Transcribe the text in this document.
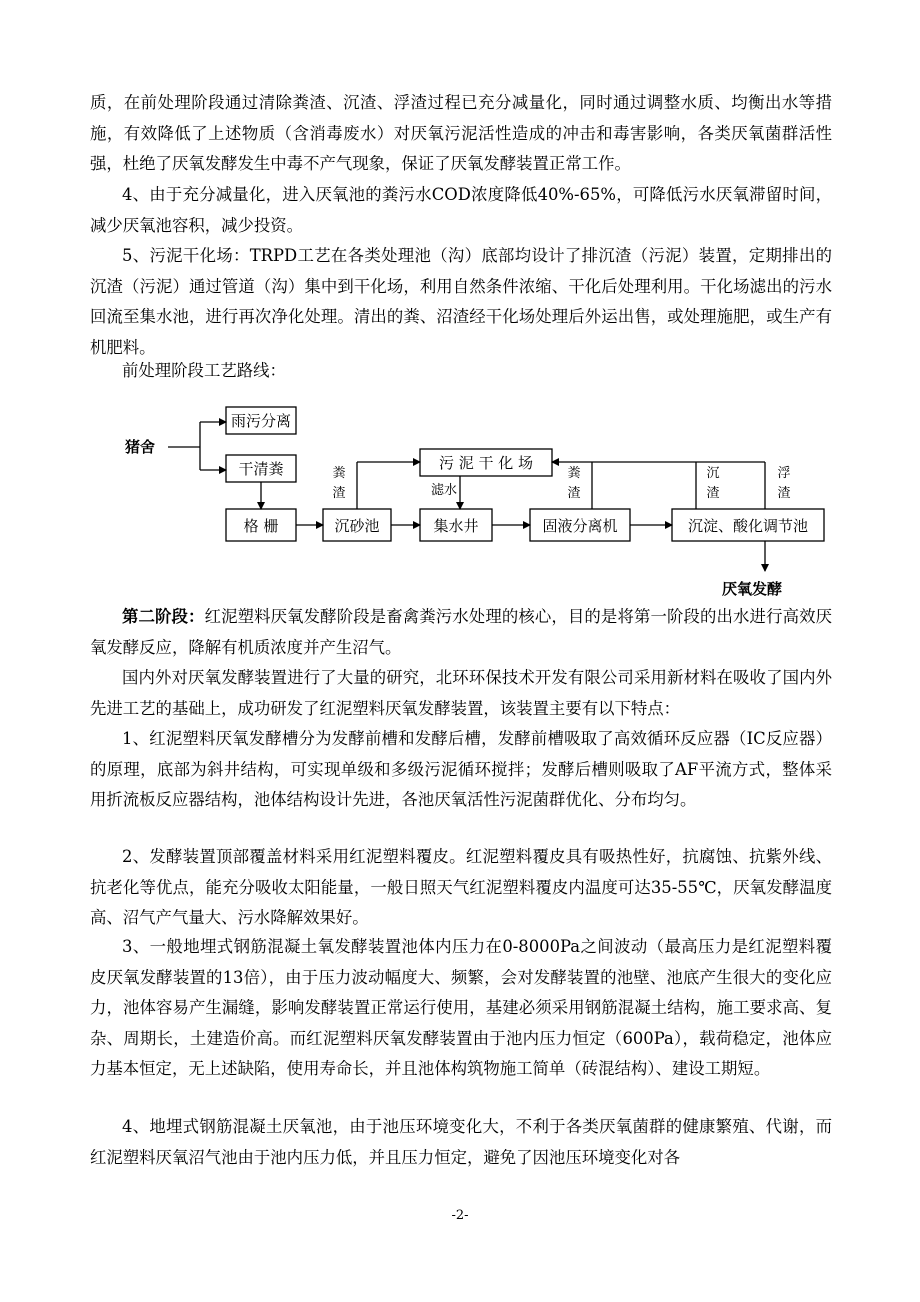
质，在前处理阶段通过清除粪渣、沉渣、浮渣过程已充分减量化，同时通过调整水质、均衡出水等措施，有效降低了上述物质（含消毒废水）对厌氧污泥活性造成的冲击和毒害影响，各类厌氧菌群活性强，杜绝了厌氧发酵发生中毒不产气现象，保证了厌氧发酵装置正常工作。

4、由于充分减量化，进入厌氧池的粪污水COD浓度降低40%-65%，可降低污水厌氧滞留时间，减少厌氧池容积，减少投资。

5、污泥干化场：TRPD工艺在各类处理池（沟）底部均设计了排沉渣（污泥）装置，定期排出的沉渣（污泥）通过管道（沟）集中到干化场，利用自然条件浓缩、干化后处理利用。干化场滤出的污水回流至集水池，进行再次净化处理。清出的粪、沼渣经干化场处理后外运出售，或处理施肥，或生产有机肥料。

前处理阶段工艺路线：

雨污分离
干清粪
格 栅	沉砂池
污 泥 干 化 场
集水井	固液分离机	沉淀、酸化调节池
猪舍
粪
渣	滤水
粪
渣
沉
渣
浮
渣
厌氧发酵

第二阶段：红泥塑料厌氧发酵阶段是畜禽粪污水处理的核心，目的是将第一阶段的出水进行高效厌氧发酵反应，降解有机质浓度并产生沼气。

国内外对厌氧发酵装置进行了大量的研究，北环环保技术开发有限公司采用新材料在吸收了国内外先进工艺的基础上，成功研发了红泥塑料厌氧发酵装置，该装置主要有以下特点：

1、红泥塑料厌氧发酵槽分为发酵前槽和发酵后槽，发酵前槽吸取了高效循环反应器（IC反应器）的原理，底部为斜井结构，可实现单级和多级污泥循环搅拌；发酵后槽则吸取了AF平流方式，整体采用折流板反应器结构，池体结构设计先进，各池厌氧活性污泥菌群优化、分布均匀。

2、发酵装置顶部覆盖材料采用红泥塑料覆皮。红泥塑料覆皮具有吸热性好，抗腐蚀、抗紫外线、抗老化等优点，能充分吸收太阳能量，一般日照天气红泥塑料覆皮内温度可达35-55℃，厌氧发酵温度高、沼气产气量大、污水降解效果好。

3、一般地埋式钢筋混凝土氧发酵装置池体内压力在0-8000Pa之间波动（最高压力是红泥塑料覆皮厌氧发酵装置的13倍），由于压力波动幅度大、频繁，会对发酵装置的池壁、池底产生很大的变化应力，池体容易产生漏缝，影响发酵装置正常运行使用，基建必须采用钢筋混凝土结构，施工要求高、复杂、周期长，土建造价高。而红泥塑料厌氧发酵装置由于池内压力恒定（600Pa），载荷稳定，池体应力基本恒定，无上述缺陷，使用寿命长，并且池体构筑物施工简单（砖混结构）、建设工期短。

4、地埋式钢筋混凝土厌氧池，由于池压环境变化大，不利于各类厌氧菌群的健康繁殖、代谢，而红泥塑料厌氧沼气池由于池内压力低，并且压力恒定，避免了因池压环境变化对各

-2-
